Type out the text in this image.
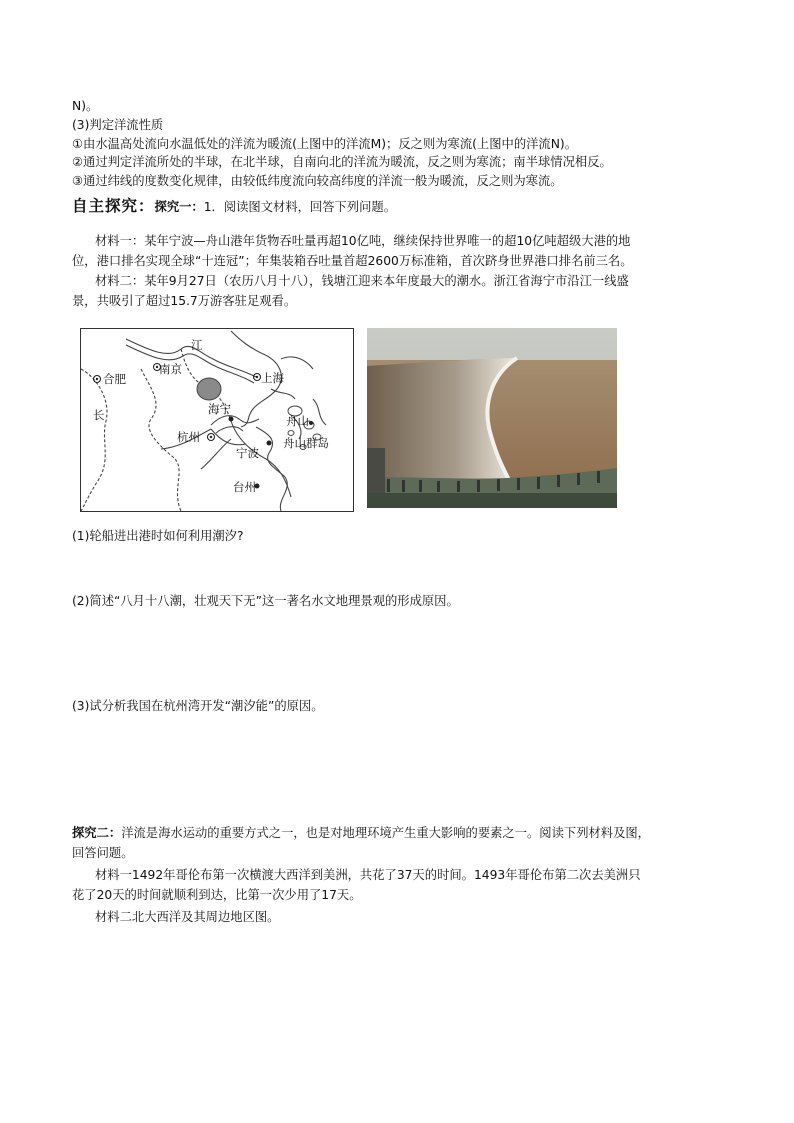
N)。
(3)判定洋流性质
①由水温高处流向水温低处的洋流为暖流(上图中的洋流M)；反之则为寒流(上图中的洋流N)。
②通过判定洋流所处的半球，在北半球，自南向北的洋流为暖流，反之则为寒流；南半球情况相反。
③通过纬线的度数变化规律，由较低纬度流向较高纬度的洋流一般为暖流，反之则为寒流。
自主探究：探究一：1．阅读图文材料，回答下列问题。
材料一：某年宁波—舟山港年货物吞吐量再超10亿吨，继续保持世界唯一的超10亿吨超级大港的地
位，港口排名实现全球“十连冠”；年集装箱吞吐量首超2600万标准箱，首次跻身世界港口排名前三名。
材料二：某年9月27日（农历八月十八），钱塘江迎来本年度最大的潮水。浙江省海宁市沿江一线盛
景，共吸引了超过15.7万游客驻足观看。
江
合肥
南京
上海
长	海宁
舟山
杭州	舟山群岛
宁波
台州
(1)轮船进出港时如何利用潮汐?
(2)简述“八月十八潮，壮观天下无”这一著名水文地理景观的形成原因。
(3)试分析我国在杭州湾开发“潮汐能”的原因。
探究二：洋流是海水运动的重要方式之一，也是对地理环境产生重大影响的要素之一。阅读下列材料及图，
回答问题。
材料一1492年哥伦布第一次横渡大西洋到美洲，共花了37天的时间。1493年哥伦布第二次去美洲只
花了20天的时间就顺利到达，比第一次少用了17天。
材料二北大西洋及其周边地区图。
